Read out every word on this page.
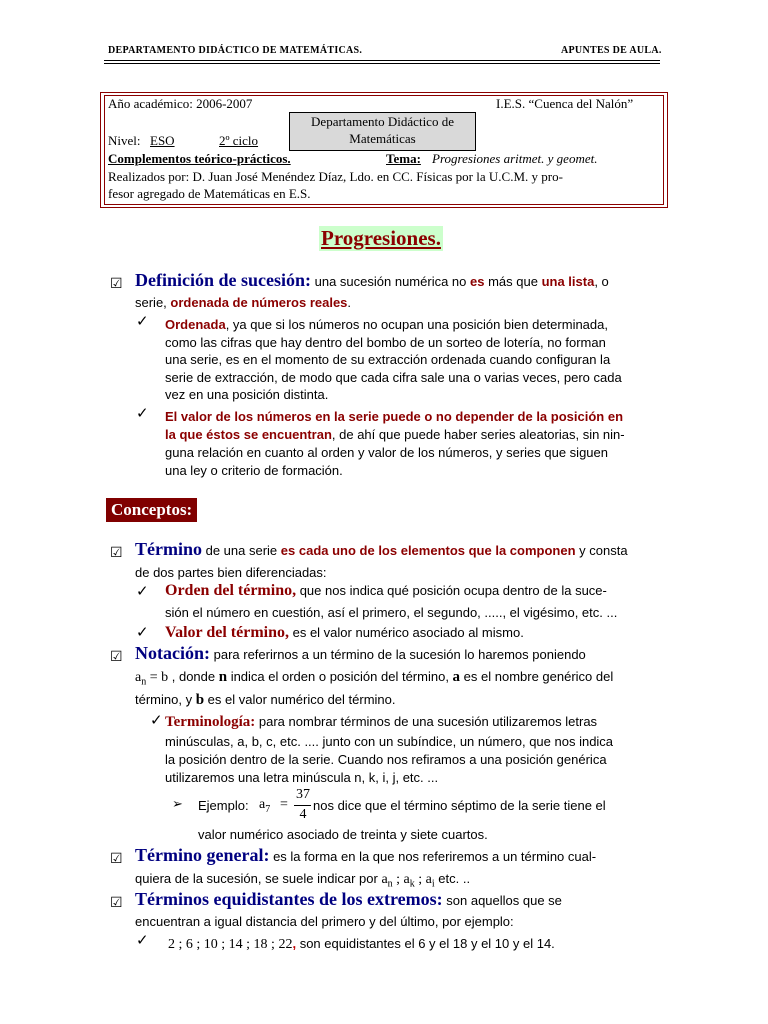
DEPARTAMENTO DIDÁCTICO DE MATEMÁTICAS.	APUNTES DE AULA.
Año académico: 2006-2007	I.E.S. “Cuenca del Nalón”
Departamento Didáctico de
Matemáticas
Nivel: ESO	2º ciclo
Complementos teórico-prácticos.	Tema: Progresiones aritmet. y geomet.
Realizados por: D. Juan José Menéndez Díaz, Ldo. en CC. Físicas por la U.C.M. y pro-
fesor agregado de Matemáticas en E.S.
Progresiones.
☑ Definición de sucesión: una sucesión numérica no es más que una lista, o
serie, ordenada de números reales.
✓ Ordenada, ya que si los números no ocupan una posición bien determinada,
como las cifras que hay dentro del bombo de un sorteo de lotería, no forman
una serie, es en el momento de su extracción ordenada cuando configuran la
serie de extracción, de modo que cada cifra sale una o varias veces, pero cada
vez en una posición distinta.
✓ El valor de los números en la serie puede o no depender de la posición en
la que éstos se encuentran, de ahí que puede haber series aleatorias, sin nin-
guna relación en cuanto al orden y valor de los números, y series que siguen
una ley o criterio de formación.
Conceptos:
☑ Término de una serie es cada uno de los elementos que la componen y consta
de dos partes bien diferenciadas:
✓ Orden del término, que nos indica qué posición ocupa dentro de la suce-
sión el número en cuestión, así el primero, el segundo, ....., el vigésimo, etc. ...
✓ Valor del término, es el valor numérico asociado al mismo.
☑ Notación: para referirnos a un término de la sucesión lo haremos poniendo
$a_n = b$ , donde n indica el orden o posición del término, a es el nombre genérico del
término, y b es el valor numérico del término.
✓ Terminología: para nombrar términos de una sucesión utilizaremos letras
minúsculas, a, b, c, etc. .... junto con un subíndice, un número, que nos indica
la posición dentro de la serie. Cuando nos refiramos a una posición genérica
utilizaremos una letra minúscula n, k, i, j, etc. ...
➢ Ejemplo: $a_7$ =
37
4
nos dice que el término séptimo de la serie tiene el
valor numérico asociado de treinta y siete cuartos.
☑ Término general: es la forma en la que nos referiremos a un término cual-
quiera de la sucesión, se suele indicar por $a_n$ ; $a_k$ ; $a_i$ etc. ..
☑ Términos equidistantes de los extremos: son aquellos que se
encuentran a igual distancia del primero y del último, por ejemplo:
✓ 2 ; 6 ; 10 ; 14 ; 18 ; 22, son equidistantes el 6 y el 18 y el 10 y el 14.
